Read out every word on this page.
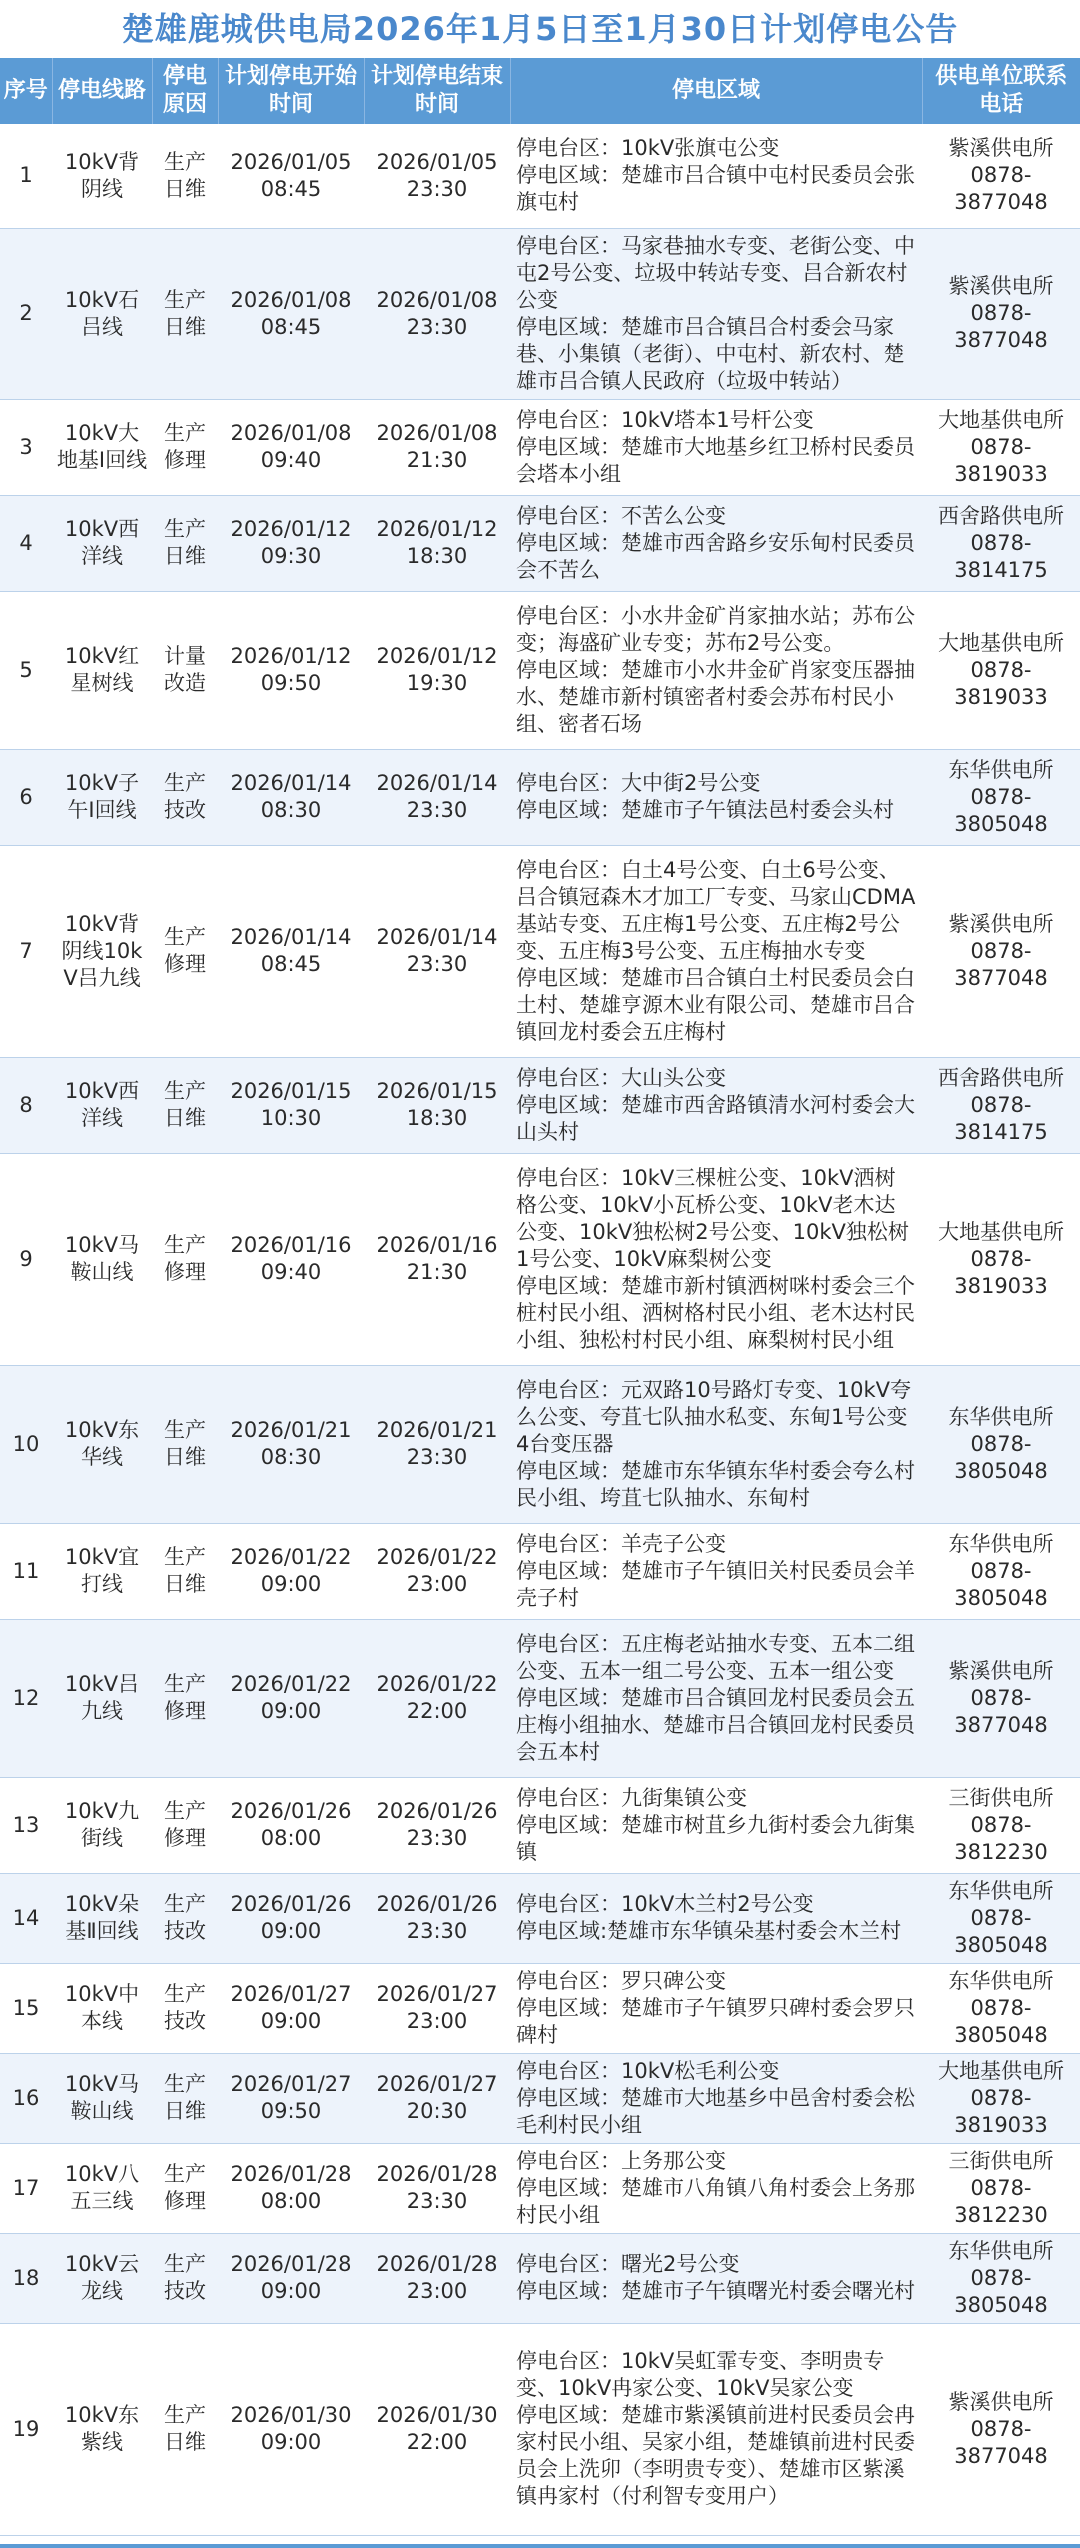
楚雄鹿城供电局2026年1月5日至1月30日计划停电公告
序号	停电线路	停电原因	计划停电开始时间	计划停电结束时间	停电区域	供电单位联系电话
1	10kV背阴线	生产日维	2026/01/05 08:45	2026/01/05 23:30	停电台区：10kV张旗屯公变
停电区域：楚雄市吕合镇中屯村民委员会张旗屯村	紫溪供电所
0878-
3877048
2	10kV石吕线	生产日维	2026/01/08 08:45	2026/01/08 23:30	停电台区：马家巷抽水专变、老街公变、中屯2号公变、垃圾中转站专变、吕合新农村公变
停电区域：楚雄市吕合镇吕合村委会马家巷、小集镇（老街）、中屯村、新农村、楚雄市吕合镇人民政府（垃圾中转站）	紫溪供电所
0878-
3877048
3	10kV大地基Ⅰ回线	生产修理	2026/01/08 09:40	2026/01/08 21:30	停电台区：10kV塔本1号杆公变
停电区域：楚雄市大地基乡红卫桥村民委员会塔本小组	大地基供电所
0878-
3819033
4	10kV西洋线	生产日维	2026/01/12 09:30	2026/01/12 18:30	停电台区：不苦么公变
停电区域：楚雄市西舍路乡安乐甸村民委员会不苦么	西舍路供电所
0878-
3814175
5	10kV红星树线	计量改造	2026/01/12 09:50	2026/01/12 19:30	停电台区：小水井金矿肖家抽水站；苏布公变；海盛矿业专变；苏布2号公变。
停电区域：楚雄市小水井金矿肖家变压器抽水、楚雄市新村镇密者村委会苏布村民小组、密者石场	大地基供电所
0878-
3819033
6	10kV子午Ⅰ回线	生产技改	2026/01/14 08:30	2026/01/14 23:30	停电台区：大中街2号公变
停电区域：楚雄市子午镇法邑村委会头村	东华供电所
0878-
3805048
7	10kV背阴线10kV吕九线	生产修理	2026/01/14 08:45	2026/01/14 23:30	停电台区：白土4号公变、白土6号公变、吕合镇冠森木才加工厂专变、马家山CDMA基站专变、五庄梅1号公变、五庄梅2号公变、五庄梅3号公变、五庄梅抽水专变
停电区域：楚雄市吕合镇白土村民委员会白土村、楚雄亨源木业有限公司、楚雄市吕合镇回龙村委会五庄梅村	紫溪供电所
0878-
3877048
8	10kV西洋线	生产日维	2026/01/15 10:30	2026/01/15 18:30	停电台区：大山头公变
停电区域：楚雄市西舍路镇清水河村委会大山头村	西舍路供电所
0878-
3814175
9	10kV马鞍山线	生产修理	2026/01/16 09:40	2026/01/16 21:30	停电台区：10kV三棵桩公变、10kV洒树格公变、10kV小瓦桥公变、10kV老木达公变、10kV独松树2号公变、10kV独松树1号公变、10kV麻梨树公变
停电区域：楚雄市新村镇洒树咪村委会三个桩村民小组、洒树格村民小组、老木达村民小组、独松村村民小组、麻梨树村民小组	大地基供电所
0878-
3819033
10	10kV东华线	生产日维	2026/01/21 08:30	2026/01/21 23:30	停电台区：元双路10号路灯专变、10kV夸么公变、夸苴七队抽水私变、东甸1号公变4台变压器
停电区域：楚雄市东华镇东华村委会夸么村民小组、垮苴七队抽水、东甸村	东华供电所
0878-
3805048
11	10kV宜打线	生产日维	2026/01/22 09:00	2026/01/22 23:00	停电台区：羊壳子公变
停电区域：楚雄市子午镇旧关村民委员会羊壳子村	东华供电所
0878-
3805048
12	10kV吕九线	生产修理	2026/01/22 09:00	2026/01/22 22:00	停电台区：五庄梅老站抽水专变、五本二组公变、五本一组二号公变、五本一组公变
停电区域：楚雄市吕合镇回龙村民委员会五庄梅小组抽水、楚雄市吕合镇回龙村民委员会五本村	紫溪供电所
0878-
3877048
13	10kV九街线	生产修理	2026/01/26 08:00	2026/01/26 23:30	停电台区：九街集镇公变
停电区域：楚雄市树苴乡九街村委会九街集镇	三街供电所
0878-
3812230
14	10kV朵基Ⅱ回线	生产技改	2026/01/26 09:00	2026/01/26 23:30	停电台区：10kV木兰村2号公变
停电区域:楚雄市东华镇朵基村委会木兰村	东华供电所
0878-
3805048
15	10kV中本线	生产技改	2026/01/27 09:00	2026/01/27 23:00	停电台区：罗只碑公变
停电区域：楚雄市子午镇罗只碑村委会罗只碑村	东华供电所
0878-
3805048
16	10kV马鞍山线	生产日维	2026/01/27 09:50	2026/01/27 20:30	停电台区：10kV松毛利公变
停电区域：楚雄市大地基乡中邑舍村委会松毛利村民小组	大地基供电所
0878-
3819033
17	10kV八五三线	生产修理	2026/01/28 08:00	2026/01/28 23:30	停电台区：上务那公变
停电区域：楚雄市八角镇八角村委会上务那村民小组	三街供电所
0878-
3812230
18	10kV云龙线	生产技改	2026/01/28 09:00	2026/01/28 23:00	停电台区：曙光2号公变
停电区域：楚雄市子午镇曙光村委会曙光村	东华供电所
0878-
3805048
19	10kV东紫线	生产日维	2026/01/30 09:00	2026/01/30 22:00	停电台区：10kV吴虹霏专变、李明贵专变、10kV冉家公变、10kV吴家公变
停电区域：楚雄市紫溪镇前进村民委员会冉家村民小组、吴家小组，楚雄镇前进村民委员会上洗卯（李明贵专变）、楚雄市区紫溪镇冉家村（付利智专变用户）	紫溪供电所
0878-
3877048
